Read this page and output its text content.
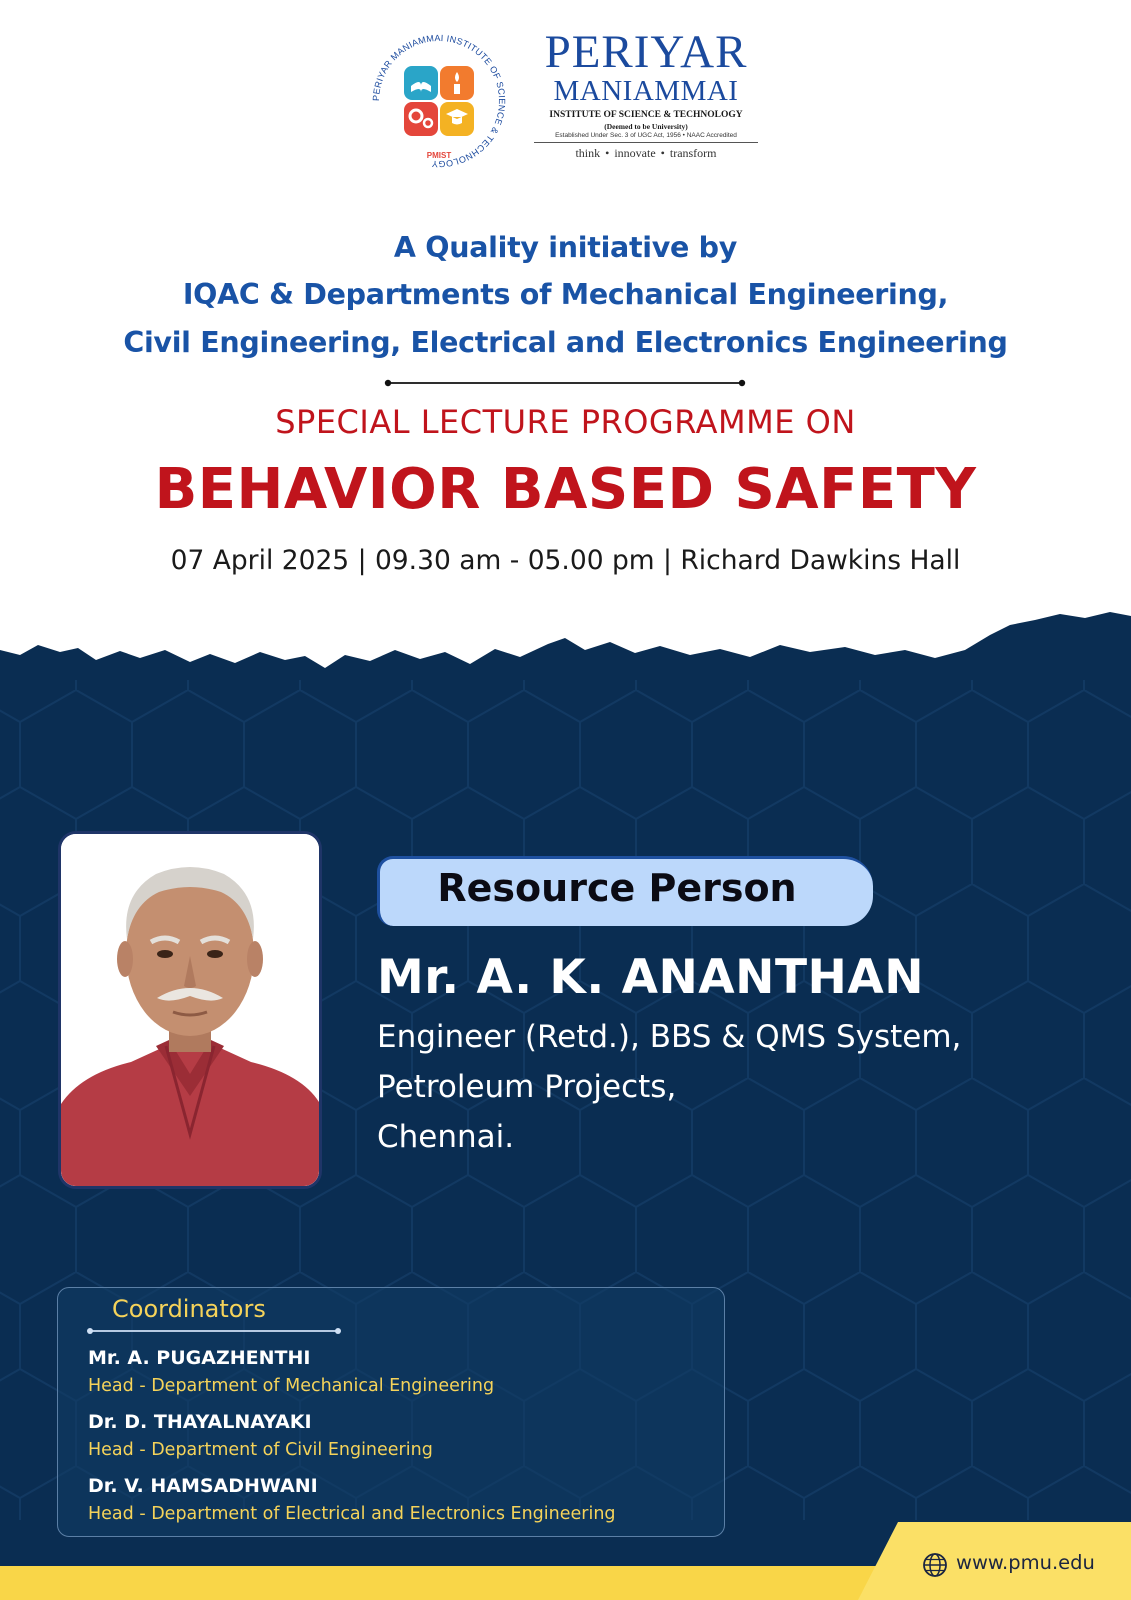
PERIYAR MANIAMMAI INSTITUTE OF SCIENCE & TECHNOLOGY
PMIST
PERIYAR
MANIAMMAI
INSTITUTE OF SCIENCE & TECHNOLOGY
(Deemed to be University)
Established Under Sec. 3 of UGC Act, 1956 • NAAC Accredited
think • innovate • transform
A Quality initiative by
IQAC & Departments of Mechanical Engineering,
Civil Engineering, Electrical and Electronics Engineering
SPECIAL LECTURE PROGRAMME ON
BEHAVIOR BASED SAFETY
07 April 2025 | 09.30 am - 05.00 pm | Richard Dawkins Hall
Resource Person
Mr. A. K. ANANTHAN
Engineer (Retd.), BBS & QMS System,
Petroleum Projects,
Chennai.
Coordinators
Mr. A. PUGAZHENTHI
Head - Department of Mechanical Engineering
Dr. D. THAYALNAYAKI
Head - Department of Civil Engineering
Dr. V. HAMSADHWANI
Head - Department of Electrical and Electronics Engineering
www.pmu.edu
